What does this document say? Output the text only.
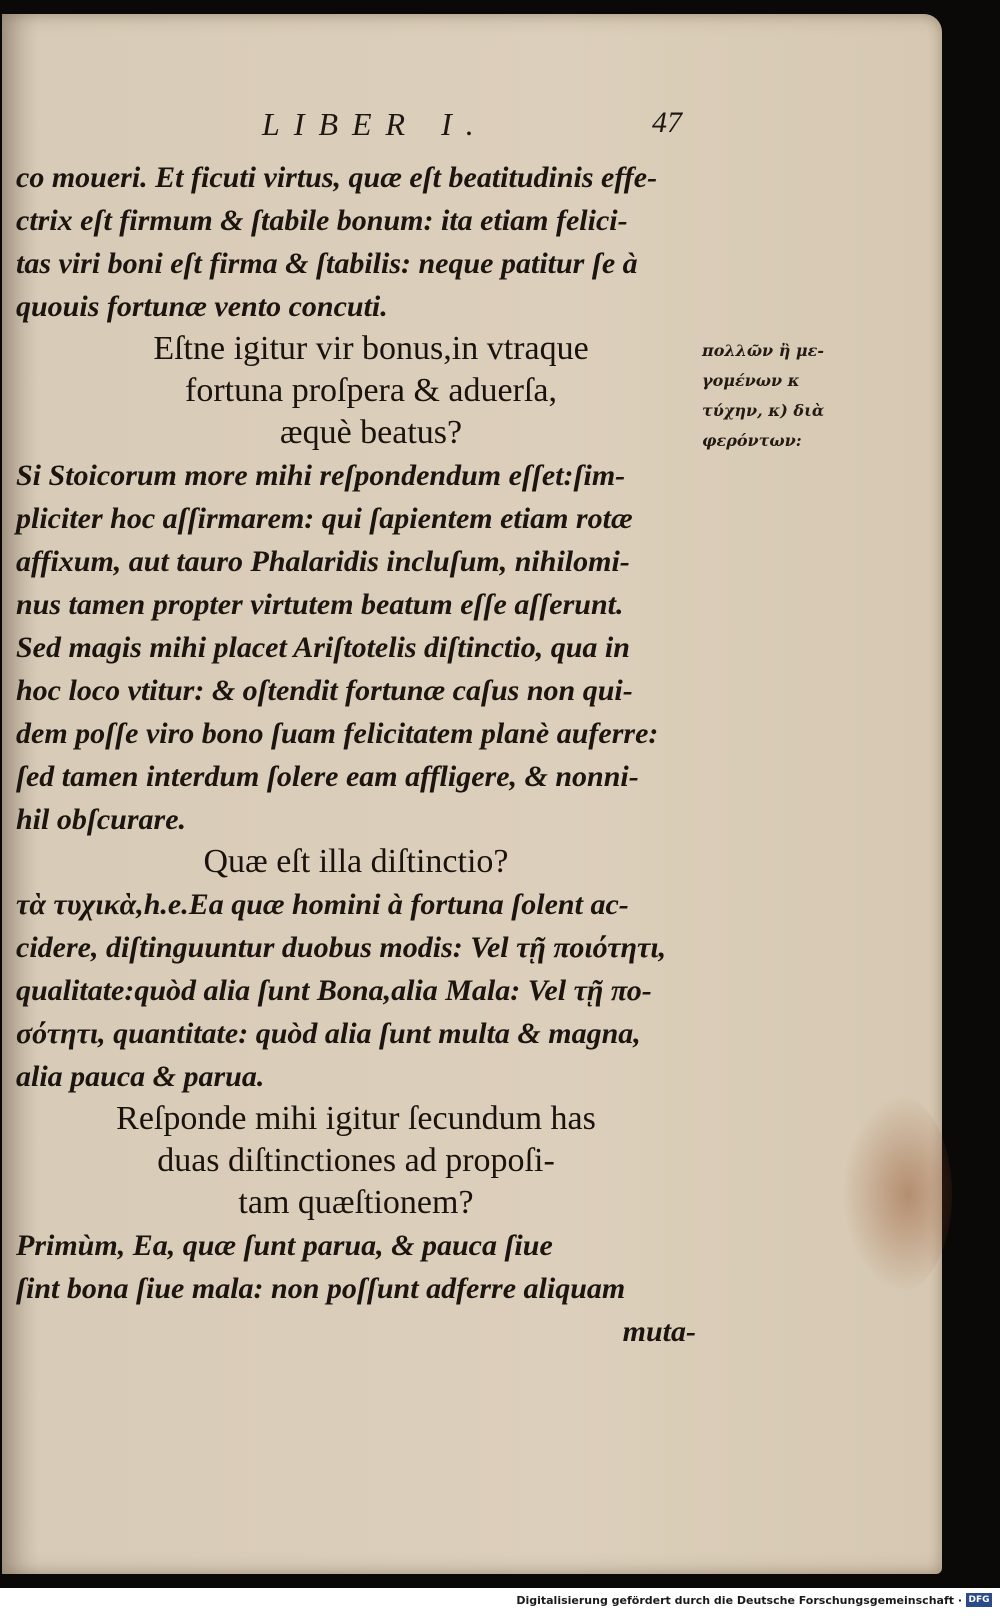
LIBER I.	47

co moueri. Et ficuti virtus, quæ eſt beatitudinis effe-

ctrix eſt firmum & ſtabile bonum: ita etiam felici-

tas viri boni eſt firma & ſtabilis: neque patitur ſe à

quouis fortunæ vento concuti.

Eſtne igitur vir bonus,in vtraque

fortuna proſpera & aduerſa,

æquè beatus?

Si Stoicorum more mihi reſpondendum eſſet:ſim-

pliciter hoc aſſirmarem: qui ſapientem etiam rotæ

affixum, aut tauro Phalaridis incluſum, nihilomi-

nus tamen propter virtutem beatum eſſe aſſerunt.

Sed magis mihi placet Ariſtotelis diſtinctio, qua in

hoc loco vtitur: & oſtendit fortunæ caſus non qui-

dem poſſe viro bono ſuam felicitatem planè auferre:

ſed tamen interdum ſolere eam affligere, & nonni-

hil obſcurare.

Quæ eſt illa diſtinctio?

τὰ τυχικὰ,h.e.Ea quæ homini à fortuna ſolent ac-

cidere, diſtinguuntur duobus modis: Vel τῇ ποιότητι,

qualitate:quòd alia ſunt Bona,alia Mala: Vel τῇ πο-

σότητι, quantitate: quòd alia ſunt multa & magna,

alia pauca & parua.

Reſponde mihi igitur ſecundum has

duas diſtinctiones ad propoſi-

tam quæſtionem?

Primùm, Ea, quæ ſunt parua, & pauca ſiue

ſint bona ſiue mala: non poſſunt adferre aliquam

muta-

πολλῶν ἢ με-
γομένων κ
τύχην, κ) διὰ
φερόντων:
Digitalisierung gefördert durch die Deutsche Forschungsgemeinschaft · DFG
